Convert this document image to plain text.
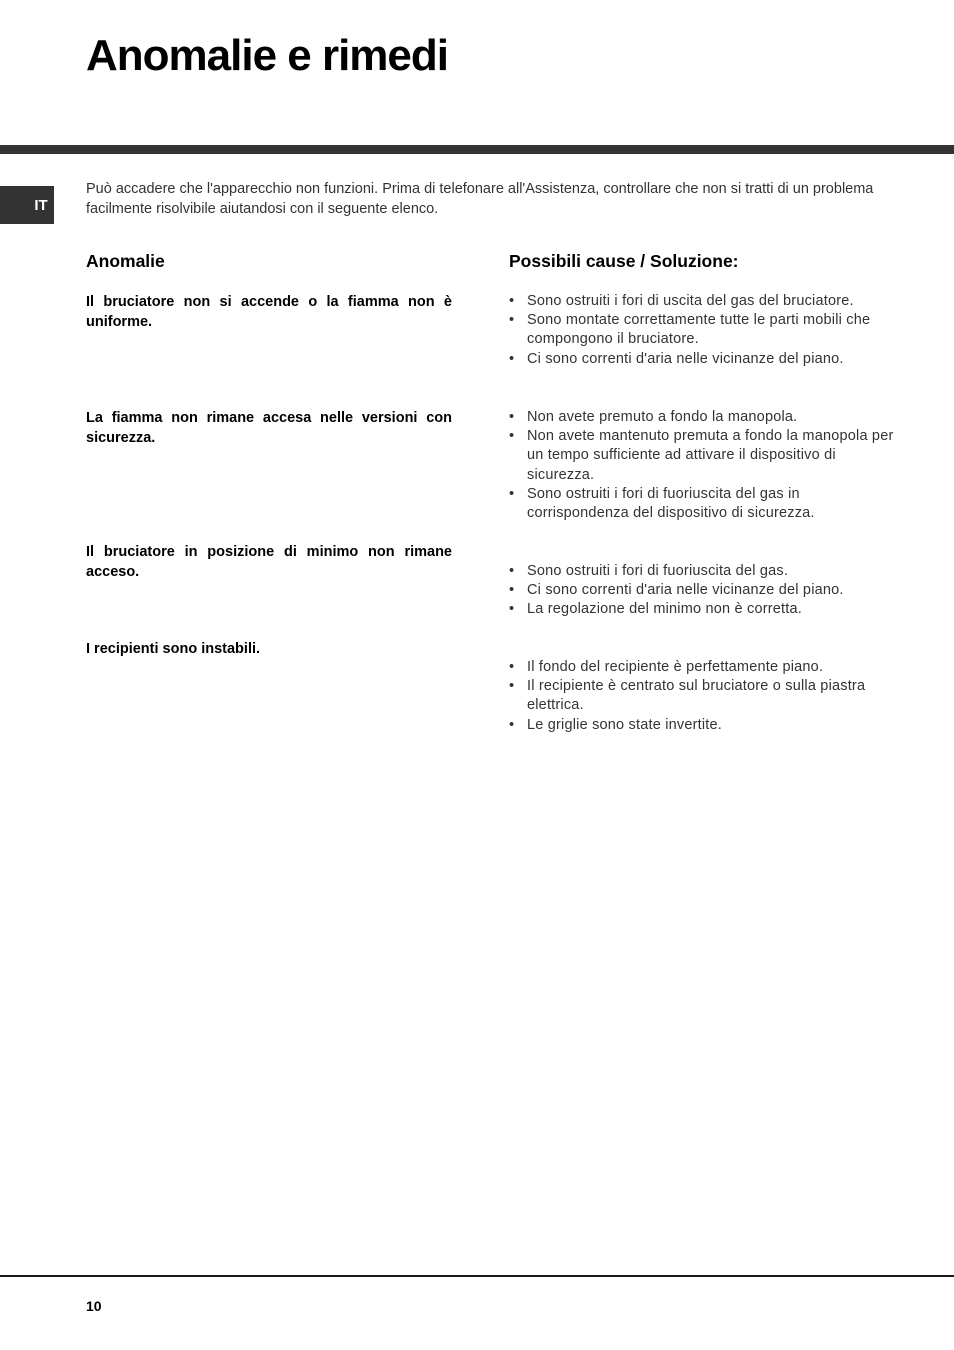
Anomalie e rimedi
IT

Può accadere che l'apparecchio non funzioni. Prima di telefonare all'Assistenza, controllare che non si tratti di un problema facilmente risolvibile aiutandosi con il seguente elenco.

Anomalie	Possibili cause / Soluzione:

Il bruciatore non si accende o la fiamma non è uniforme.

• Sono ostruiti i fori di uscita del gas del bruciatore.
• Sono montate correttamente tutte le parti mobili che compongono il bruciatore.
• Ci sono correnti d'aria nelle vicinanze del piano.

La fiamma non rimane accesa nelle versioni con sicurezza.

• Non avete premuto a fondo la manopola.
• Non avete mantenuto premuta a fondo la manopola per un tempo sufficiente ad attivare il dispositivo di sicurezza.
• Sono ostruiti i fori di fuoriuscita del gas in corrispondenza del dispositivo di sicurezza.

Il bruciatore in posizione di minimo non rimane acceso.	• Sono ostruiti i fori di fuoriuscita del gas.
• Ci sono correnti d'aria nelle vicinanze del piano.
• La regolazione del minimo non è corretta.

I recipienti sono instabili.

• Il fondo del recipiente è perfettamente piano.
• Il recipiente è centrato sul bruciatore o sulla piastra elettrica.
• Le griglie sono state invertite.
10
